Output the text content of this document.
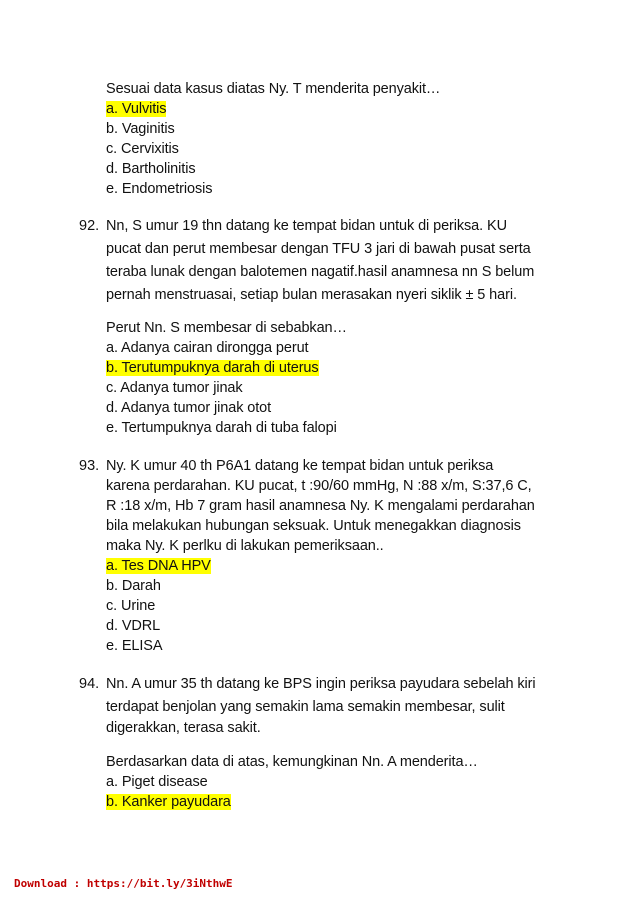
Sesuai data kasus diatas Ny. T menderita penyakit…
a. Vulvitis
b. Vaginitis
c. Cervixitis
d. Bartholinitis
e. Endometriosis
92. Nn, S umur 19 thn datang ke tempat bidan untuk di periksa. KU
pucat dan perut membesar dengan TFU 3 jari di bawah pusat serta
teraba lunak dengan balotemen nagatif.hasil anamnesa nn S belum
pernah menstruasai, setiap bulan merasakan nyeri siklik ± 5 hari.
Perut Nn. S membesar di sebabkan…
a. Adanya cairan dirongga perut
b. Terutumpuknya darah di uterus
c. Adanya tumor jinak
d. Adanya tumor jinak otot
e. Tertumpuknya darah di tuba falopi
93. Ny. K umur 40 th P6A1 datang ke tempat bidan untuk periksa
karena perdarahan. KU pucat, t :90/60 mmHg, N :88 x/m, S:37,6 C,
R :18 x/m, Hb 7 gram hasil anamnesa Ny. K mengalami perdarahan
bila melakukan hubungan seksuak. Untuk menegakkan diagnosis
maka Ny. K perlku di lakukan pemeriksaan..
a. Tes DNA HPV
b. Darah
c. Urine
d. VDRL
e. ELISA
94. Nn. A umur 35 th datang ke BPS ingin periksa payudara sebelah kiri
terdapat benjolan yang semakin lama semakin membesar, sulit
digerakkan, terasa sakit.
Berdasarkan data di atas, kemungkinan Nn. A menderita…
a. Piget disease
b. Kanker payudara
Download : https://bit.ly/3iNthwE
